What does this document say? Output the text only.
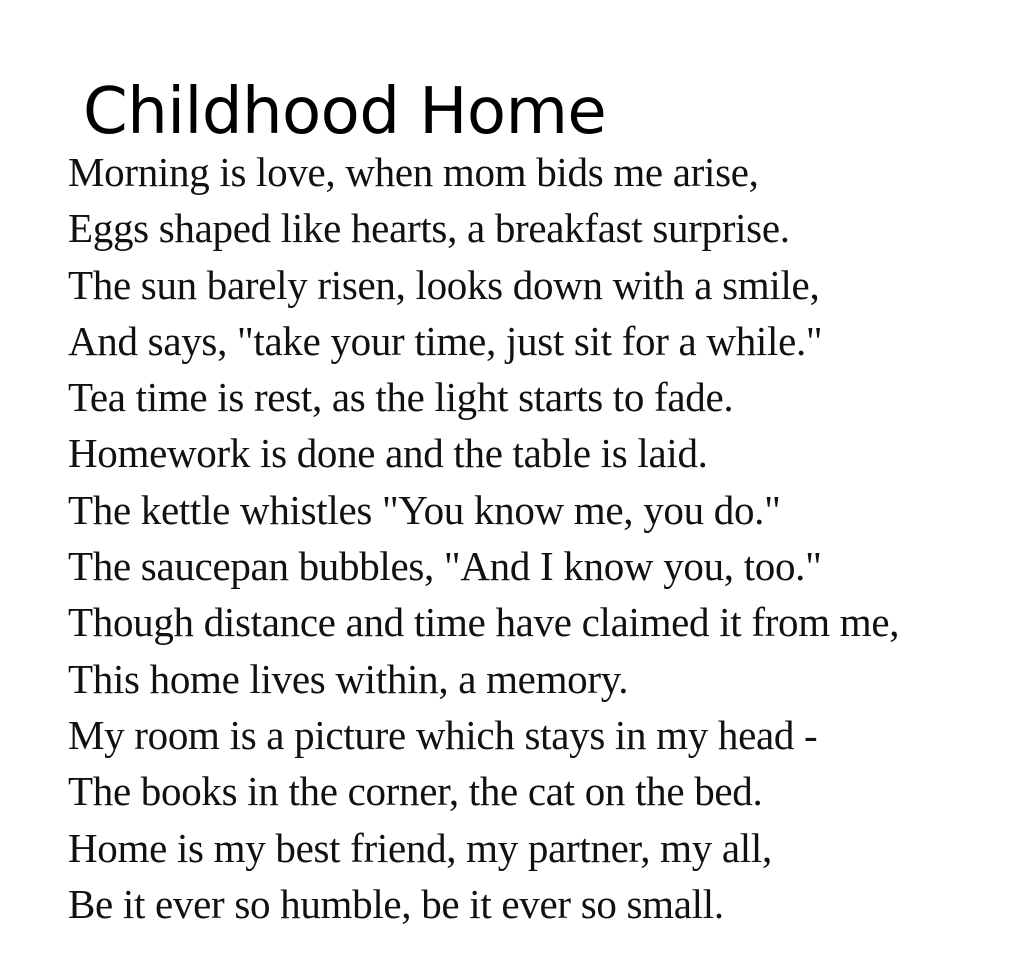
Childhood Home
Morning is love, when mom bids me arise,
Eggs shaped like hearts, a breakfast surprise.
The sun barely risen, looks down with a smile,
And says, "take your time, just sit for a while."
Tea time is rest, as the light starts to fade.
Homework is done and the table is laid.
The kettle whistles "You know me, you do."
The saucepan bubbles, "And I know you, too."
Though distance and time have claimed it from me,
This home lives within, a memory.
My room is a picture which stays in my head -
The books in the corner, the cat on the bed.
Home is my best friend, my partner, my all,
Be it ever so humble, be it ever so small.
